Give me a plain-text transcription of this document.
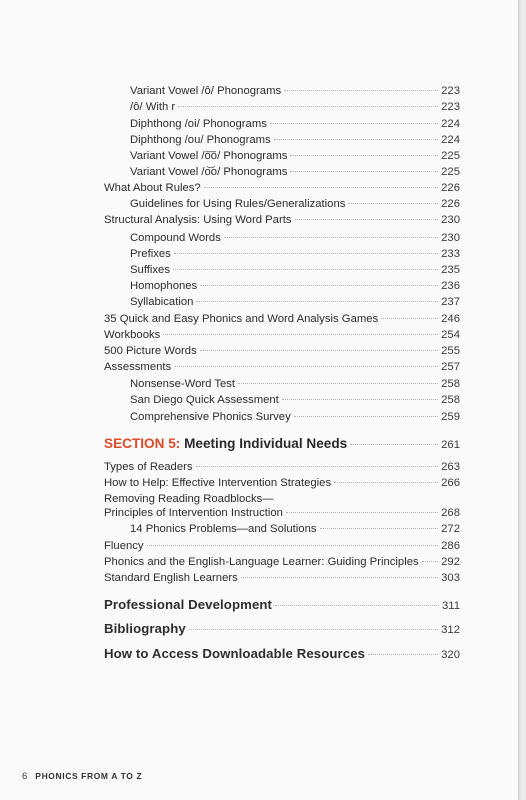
Variant Vowel /ô/ Phonograms	223
/ô/ With r	223
Diphthong /oi/ Phonograms	224
Diphthong /ou/ Phonograms	224
Variant Vowel /o͞o/ Phonograms	225
Variant Vowel /o͝o/ Phonograms	225
What About Rules?	226
Guidelines for Using Rules/Generalizations	226
Structural Analysis: Using Word Parts	230
Compound Words	230
Prefixes	233
Suffixes	235
Homophones	236
Syllabication	237
35 Quick and Easy Phonics and Word Analysis Games	246
Workbooks	254
500 Picture Words	255
Assessments	257
Nonsense-Word Test	258
San Diego Quick Assessment	258
Comprehensive Phonics Survey	259
SECTION 5: Meeting Individual Needs	261
Types of Readers	263
How to Help: Effective Intervention Strategies	266
Removing Reading Roadblocks—
Principles of Intervention Instruction	268
14 Phonics Problems—and Solutions	272
Fluency	286
Phonics and the English-Language Learner: Guiding Principles 292
Standard English Learners	303
Professional Development	311
Bibliography	312
How to Access Downloadable Resources	320
6 PHONICS FROM A TO Z
